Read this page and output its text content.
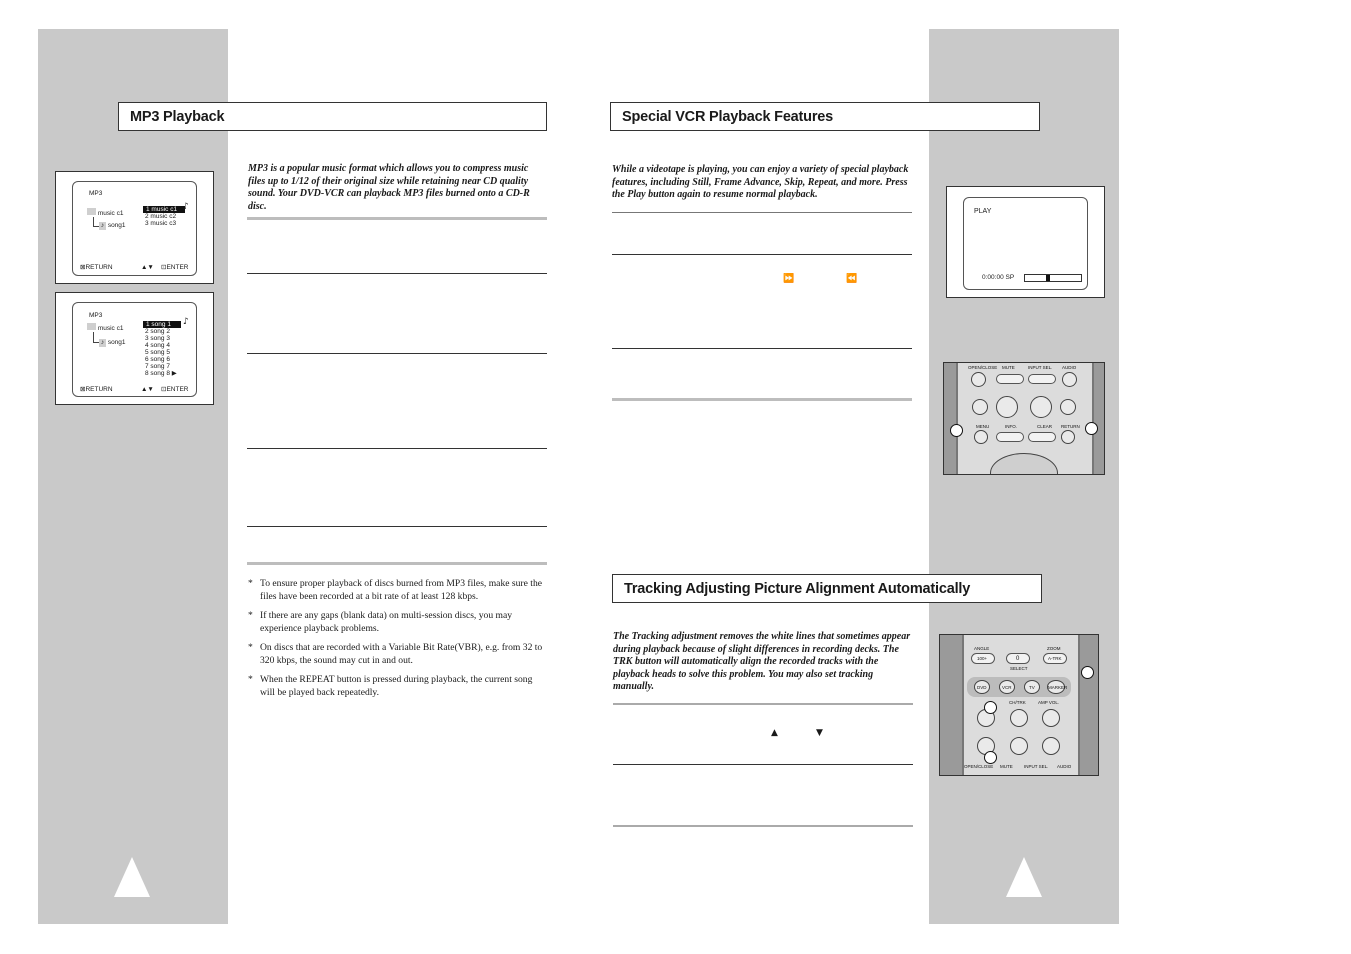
MP3 Playback
MP3 is a popular music format which allows you to compress music files up to 1/12 of their original size while retaining near CD quality sound. Your DVD-VCR can playback MP3 files burned onto a CD-R disc.
* To ensure proper playback of discs burned from MP3 files, make sure the files have been recorded at a bit rate of at least 128 kbps.
* If there are any gaps (blank data) on multi-session discs, you may experience playback problems.
* On discs that are recorded with a Variable Bit Rate(VBR), e.g. from 32 to 320 kbps, the sound may cut in and out.
* When the REPEAT button is pressed during playback, the current song will be played back repeatedly.
MP3
music c1
♪ song1
1 music c1
2 music c2
3 music c3
♪
⊠RETURN	▲▼ ⊡ENTER
MP3
music c1
♪ song1
1 song 1
2 song 2
3 song 3
4 song 4
5 song 5
6 song 6
7 song 7
8 song 8 ▶
♪
⊠RETURN	▲▼ ⊡ENTER
Special VCR Playback Features
While a videotape is playing, you can enjoy a variety of special playback features, including Still, Frame Advance, Skip, Repeat, and more. Press the Play button again to resume normal playback.
⏩	⏪
PLAY
0:00:00 SP
OPEN/CLOSE MUTE	INPUT SEL. AUDIO
MENU	INFO.	CLEAR RETURN
Tracking Adjusting Picture Alignment Automatically
The Tracking adjustment removes the white lines that sometimes appear during playback because of slight differences in recording decks. The TRK button will automatically align the recorded tracks with the playback heads to solve this problem. You may also set tracking manually.
▲	▼
ANGLE	ZOOM
100+	0	A-TRK
SELECT
DVD	VCR	TV	MARKER
CH/TRK	AMP VOL.
OPEN/CLOSE MUTE	INPUT SEL. AUDIO
